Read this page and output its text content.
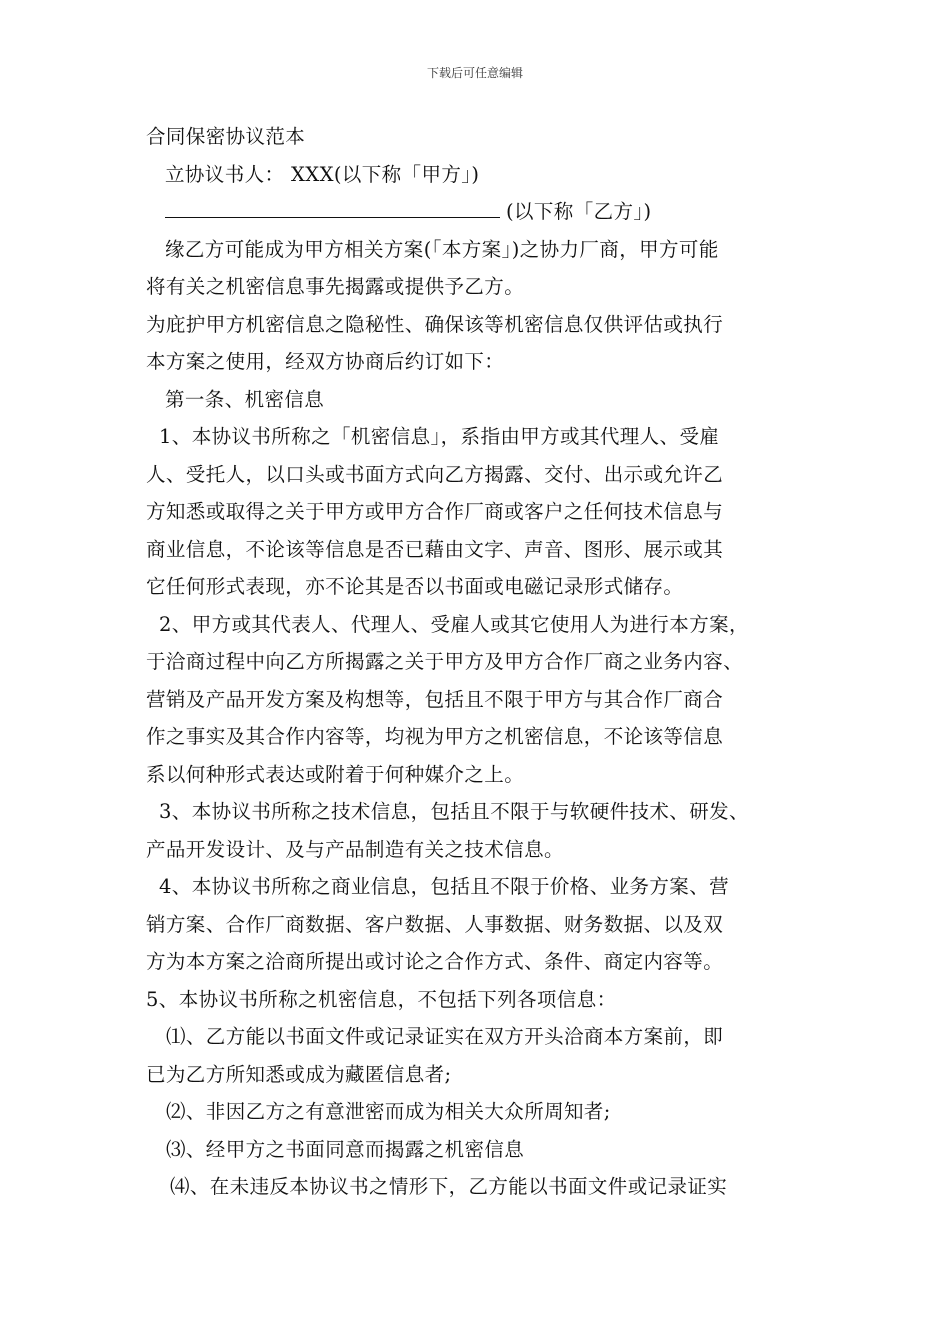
下载后可任意编辑
合同保密协议范本
立协议书人： XXX(以下称「甲方」)
(以下称「乙方」)
缘乙方可能成为甲方相关方案(「本方案」)之协力厂商，甲方可能
将有关之机密信息事先揭露或提供予乙方。
为庇护甲方机密信息之隐秘性、确保该等机密信息仅供评估或执行
本方案之使用，经双方协商后约订如下：
第一条、机密信息
1、本协议书所称之「机密信息」，系指由甲方或其代理人、受雇
人、受托人，以口头或书面方式向乙方揭露、交付、出示或允许乙
方知悉或取得之关于甲方或甲方合作厂商或客户之任何技术信息与
商业信息，不论该等信息是否已藉由文字、声音、图形、展示或其
它任何形式表现，亦不论其是否以书面或电磁记录形式储存。
2、甲方或其代表人、代理人、受雇人或其它使用人为进行本方案，
于洽商过程中向乙方所揭露之关于甲方及甲方合作厂商之业务内容、
营销及产品开发方案及构想等，包括且不限于甲方与其合作厂商合
作之事实及其合作内容等，均视为甲方之机密信息，不论该等信息
系以何种形式表达或附着于何种媒介之上。
3、本协议书所称之技术信息，包括且不限于与软硬件技术、研发、
产品开发设计、及与产品制造有关之技术信息。
4、本协议书所称之商业信息，包括且不限于价格、业务方案、营
销方案、合作厂商数据、客户数据、人事数据、财务数据、以及双
方为本方案之洽商所提出或讨论之合作方式、条件、商定内容等。
5、本协议书所称之机密信息，不包括下列各项信息：
⑴、乙方能以书面文件或记录证实在双方开头洽商本方案前，即
已为乙方所知悉或成为藏匿信息者;
⑵、非因乙方之有意泄密而成为相关大众所周知者;
⑶、经甲方之书面同意而揭露之机密信息
⑷、在未违反本协议书之情形下，乙方能以书面文件或记录证实
